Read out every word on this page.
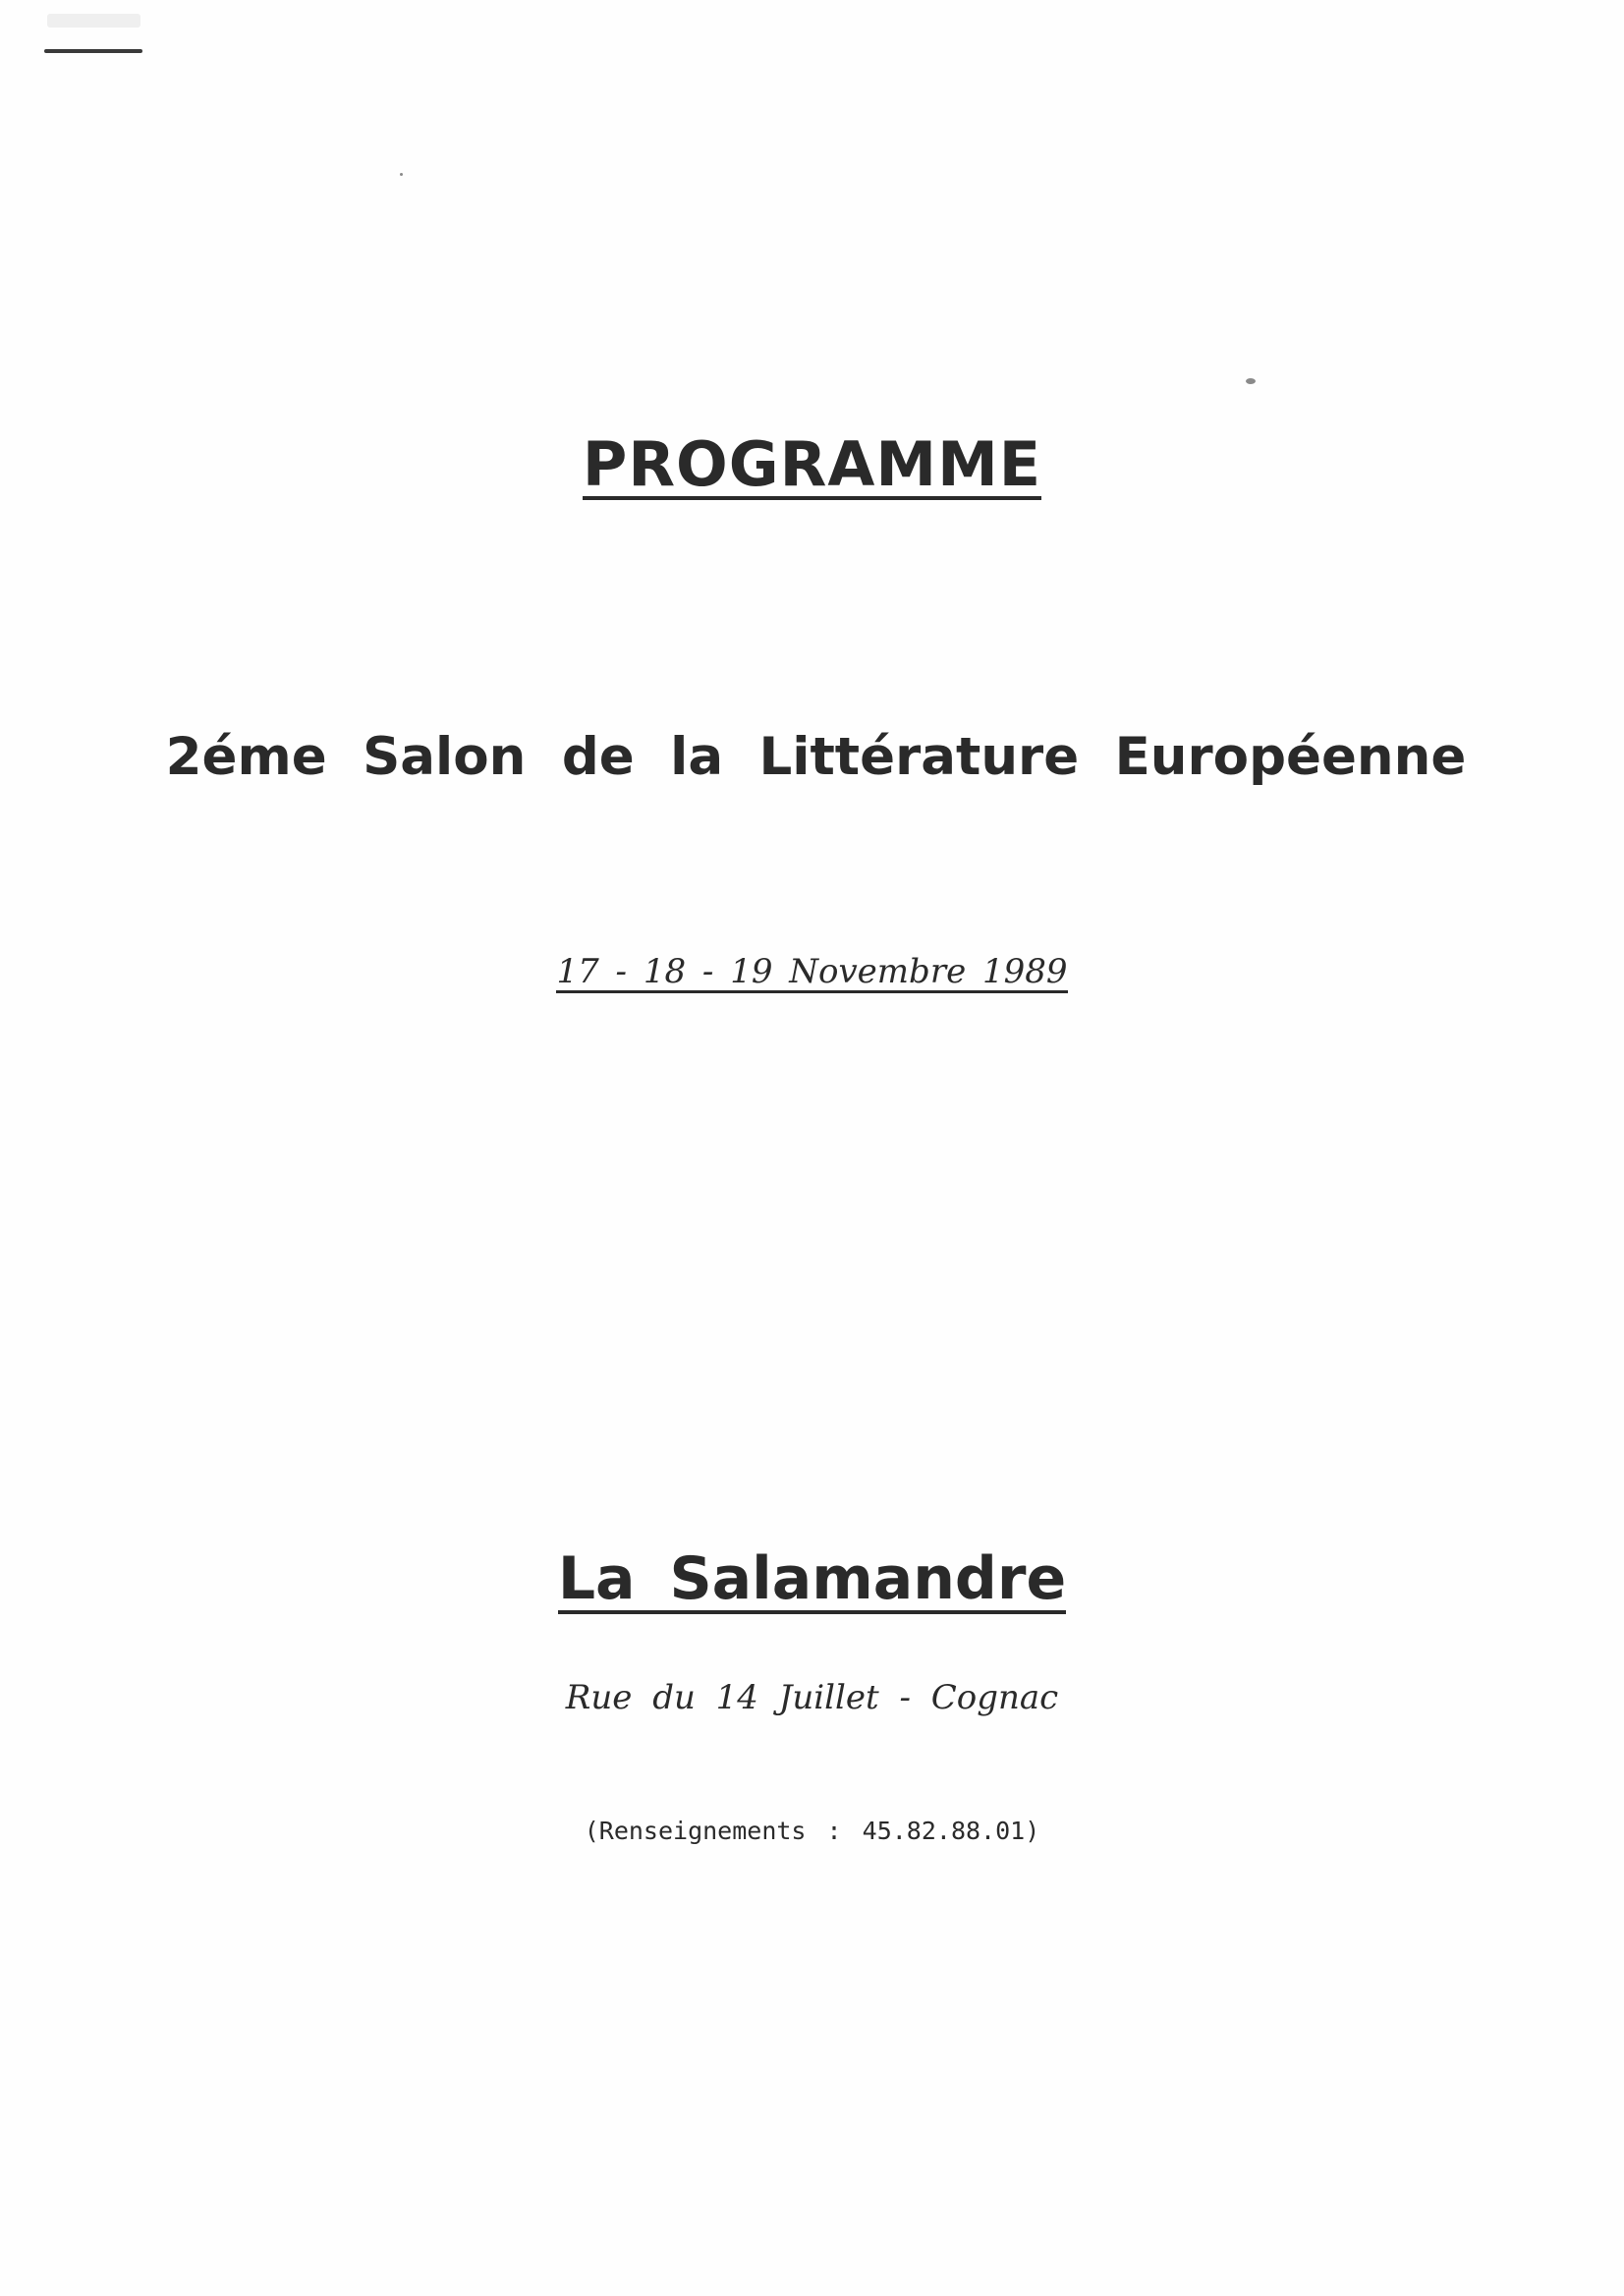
PROGRAMME
2éme Salon de la Littérature Européenne
17 - 18 - 19 Novembre 1989
La Salamandre
Rue du 14 Juillet - Cognac
(Renseignements : 45.82.88.01)
